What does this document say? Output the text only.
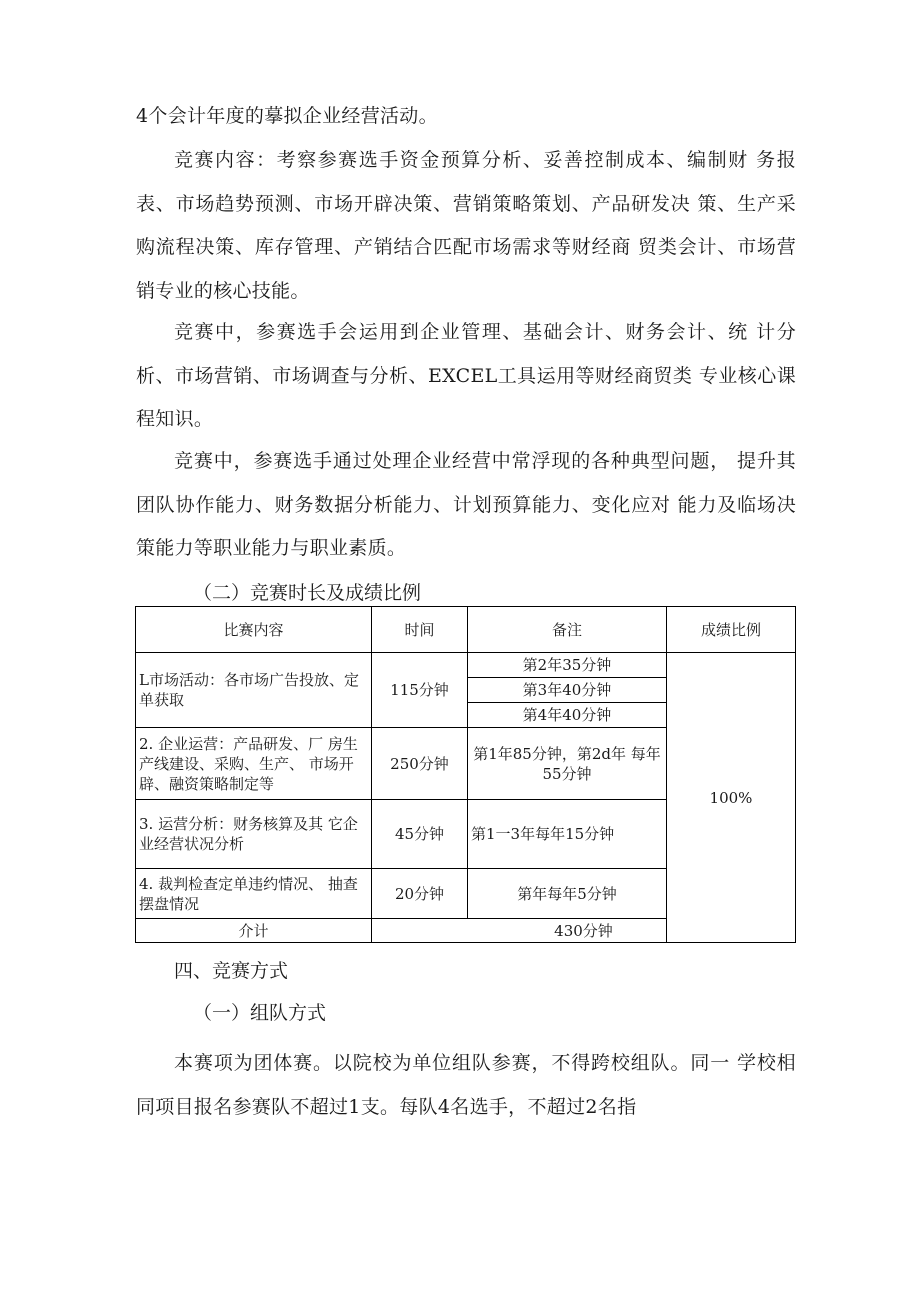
4个会计年度的摹拟企业经营活动。

竞赛内容：考察参赛选手资金预算分析、妥善控制成本、编制财 务报表、市场趋势预测、市场开辟决策、营销策略策划、产品研发决 策、生产采购流程决策、库存管理、产销结合匹配市场需求等财经商 贸类会计、市场营销专业的核心技能。

竞赛中，参赛选手会运用到企业管理、基础会计、财务会计、统 计分析、市场营销、市场调查与分析、EXCEL工具运用等财经商贸类 专业核心课程知识。

竞赛中，参赛选手通过处理企业经营中常浮现的各种典型问题， 提升其团队协作能力、财务数据分析能力、计划预算能力、变化应对 能力及临场决策能力等职业能力与职业素质。

（二）竞赛时长及成绩比例

比赛内容	时间	备注	成绩比例
L市场活动：各市场广告投放、定单获取	115分钟	第2年35分钟	100%
		第3年40分钟	
		第4年40分钟	
2. 企业运营：产品研发、厂 房生产线建设、采购、生产、 市场开辟、融资策略制定等	250分钟	第1年85分钟，第2d年 每年55分钟	
3. 运营分析：财务核算及其 它企业经营状况分析	45分钟	第1一3年每年15分钟	
4. 裁判检查定单违约情况、 抽查摆盘情况	20分钟	第年每年5分钟	
介计	430分钟		

四、竞赛方式

（一）组队方式

本赛项为团体赛。以院校为单位组队参赛，不得跨校组队。同一 学校相同项目报名参赛队不超过1支。每队4名选手，不超过2名指
